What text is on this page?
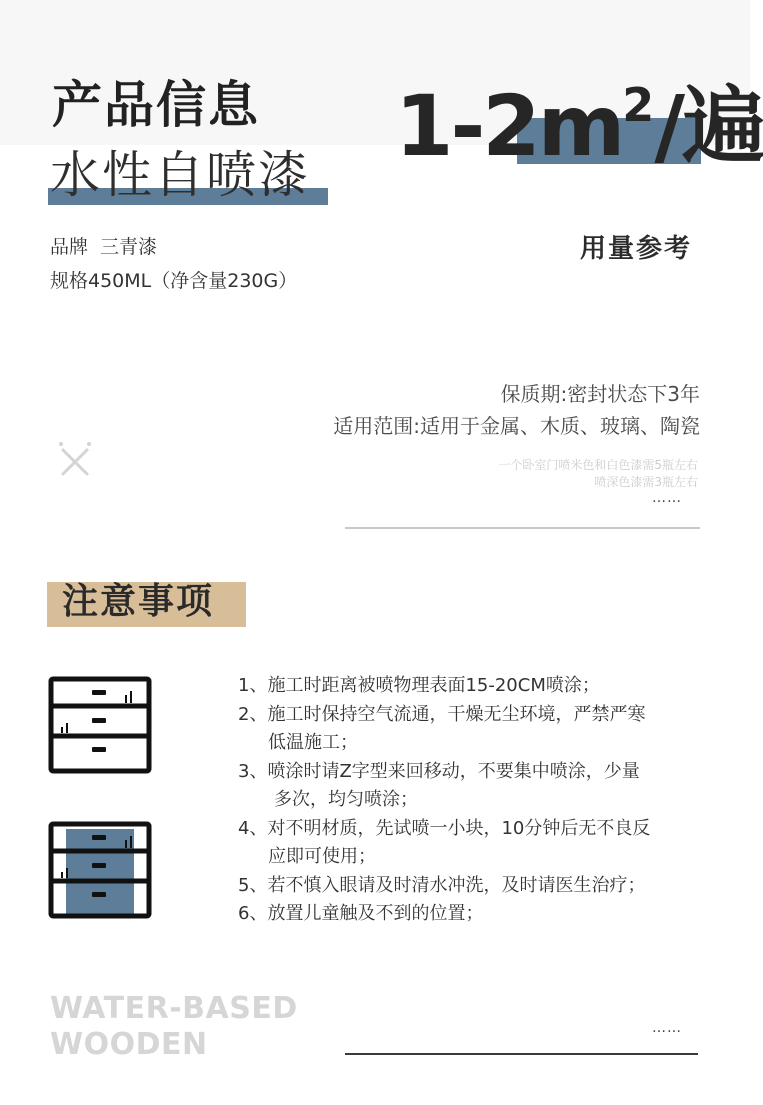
产品信息
水性自喷漆 $1-2m^2/$遍
用量参考
品牌 三青漆
规格450ML（净含量230G）
保质期:密封状态下3年
适用范围:适用于金属、木质、玻璃、陶瓷
一个卧室门喷米色和白色漆需5瓶左右
喷深色漆需3瓶左右
……
注意事项
1、施工时距离被喷物理表面15-20CM喷涂；
2、施工时保持空气流通，干燥无尘环境，严禁严寒
低温施工；
3、喷涂时请Z字型来回移动，不要集中喷涂，少量
多次，均匀喷涂；
4、对不明材质，先试喷一小块，10分钟后无不良反
应即可使用；
5、若不慎入眼请及时清水冲洗，及时请医生治疗；
6、放置儿童触及不到的位置；
WATER-BASED
WOODEN	……
